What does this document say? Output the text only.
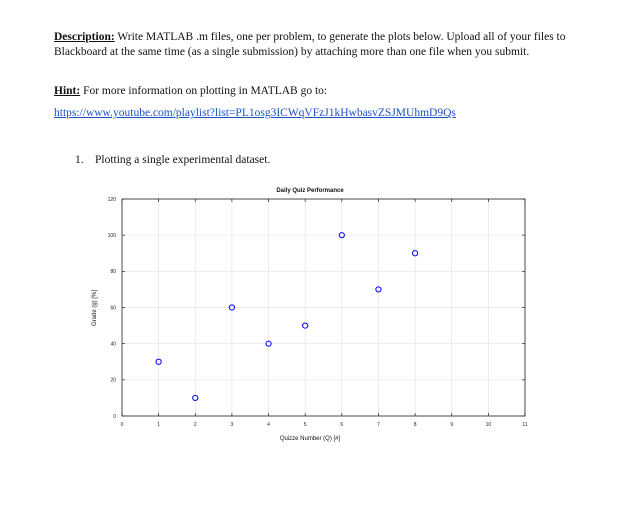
Description: Write MATLAB .m files, one per problem, to generate the plots below. Upload all of your files to Blackboard at the same time (as a single submission) by attaching more than one file when you submit.
Hint: For more information on plotting in MATLAB go to:
https://www.youtube.com/playlist?list=PL1osg3ICWqVFzJ1kHwbasvZSJMUhmD9Qs
1. Plotting a single experimental dataset.
Daily Quiz Performance
0	1	2	3	4	5	6	7	8	9	10	11
0
20
40
60
80
100
120
Quizze Number (Q) [#]
Grade (g) [%]
